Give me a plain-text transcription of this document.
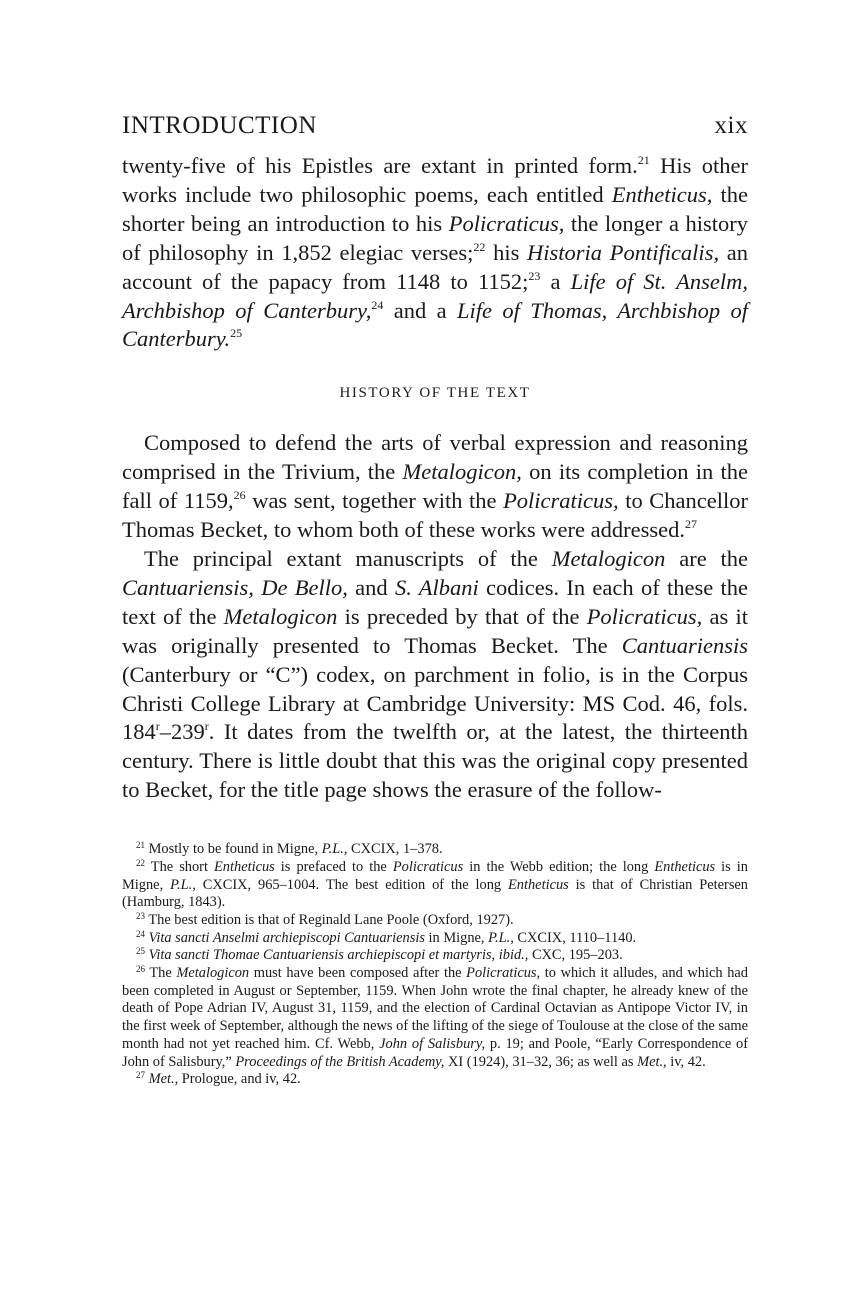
INTRODUCTION	xix

twenty-five of his Epistles are extant in printed form.$^{21}$ His other works include two philosophic poems, each entitled Entheticus, the shorter being an introduction to his Policraticus, the longer a history of philosophy in 1,852 elegiac verses;$^{22}$ his Historia Pontificalis, an account of the papacy from 1148 to 1152;$^{23}$ a Life of St. Anselm, Archbishop of Canterbury,$^{24}$ and a Life of Thomas, Archbishop of Canterbury.$^{25}$

HISTORY OF THE TEXT

Composed to defend the arts of verbal expression and reasoning comprised in the Trivium, the Metalogicon, on its completion in the fall of 1159,26 was sent, together with the Policraticus, to Chancellor Thomas Becket, to whom both of these works were addressed.$^{27}$

The principal extant manuscripts of the Metalogicon are the Cantuariensis, De Bello, and S. Albani codices. In each of these the text of the Metalogicon is preceded by that of the Policraticus, as it was originally presented to Thomas Becket. The Cantuariensis (Canterbury or “C”) codex, on parchment in folio, is in the Corpus Christi College Library at Cambridge University: MS Cod. 46, fols. 184$^r$–239$^r$. It dates from the twelfth or, at the latest, the thirteenth century. There is little doubt that this was the original copy presented to Becket, for the title page shows the erasure of the follow-

$^{21}$ Mostly to be found in Migne, P.L., CXCIX, 1–378.

$^{22}$ The short Entheticus is prefaced to the Policraticus in the Webb edition; the long Entheticus is in Migne, P.L., CXCIX, 965–1004. The best edition of the long Entheticus is that of Christian Petersen (Hamburg, 1843).

$^{23}$ The best edition is that of Reginald Lane Poole (Oxford, 1927).

$^{24}$ Vita sancti Anselmi archiepiscopi Cantuariensis in Migne, P.L., CXCIX, 1110–1140.

$^{25}$ Vita sancti Thomae Cantuariensis archiepiscopi et martyris, ibid., CXC, 195–203.

$^{26}$ The Metalogicon must have been composed after the Policraticus, to which it alludes, and which had been completed in August or September, 1159. When John wrote the final chapter, he already knew of the death of Pope Adrian IV, August 31, 1159, and the election of Cardinal Octavian as Antipope Victor IV, in the first week of September, although the news of the lifting of the siege of Toulouse at the close of the same month had not yet reached him. Cf. Webb, John of Salisbury, p. 19; and Poole, “Early Correspondence of John of Salisbury,” Proceedings of the British Academy, XI (1924), 31–32, 36; as well as Met., iv, 42.

$^{27}$ Met., Prologue, and iv, 42.
